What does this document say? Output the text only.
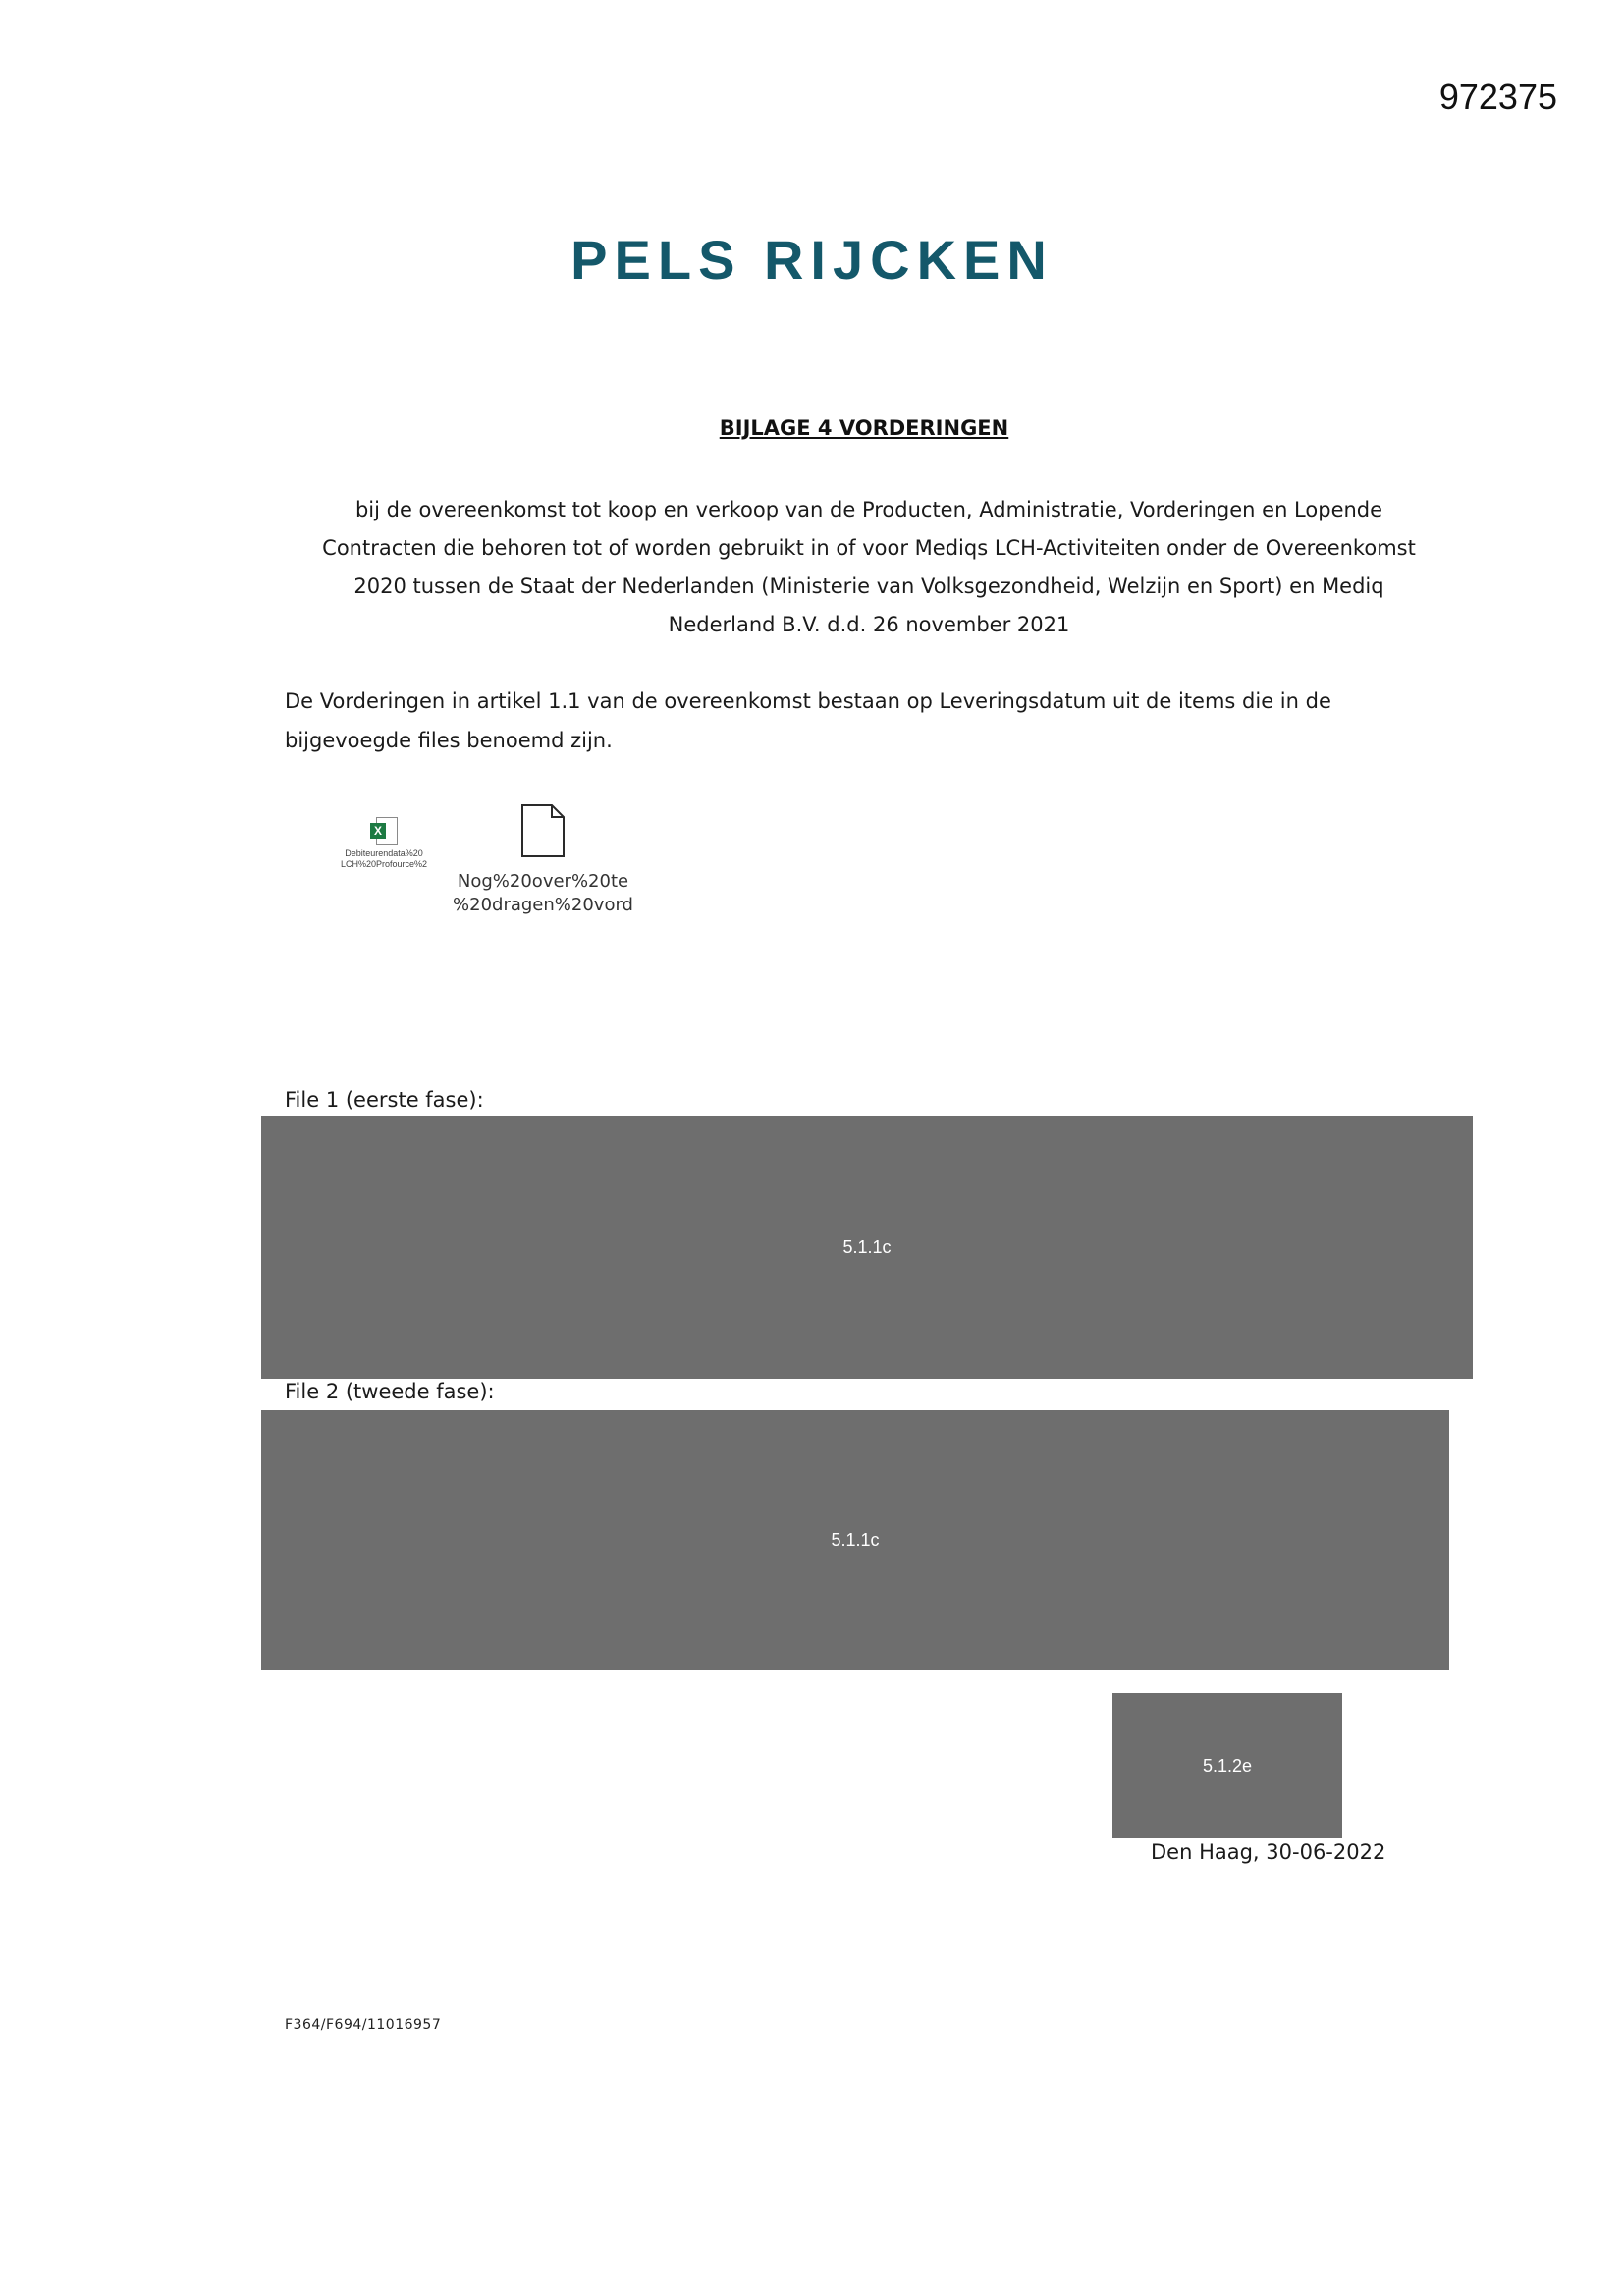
972375
PELS RIJCKEN
BIJLAGE 4 VORDERINGEN
bij de overeenkomst tot koop en verkoop van de Producten, Administratie, Vorderingen en Lopende
Contracten die behoren tot of worden gebruikt in of voor Mediqs LCH-Activiteiten onder de Overeenkomst
2020 tussen de Staat der Nederlanden (Ministerie van Volksgezondheid, Welzijn en Sport) en Mediq
Nederland B.V. d.d. 26 november 2021
De Vorderingen in artikel 1.1 van de overeenkomst bestaan op Leveringsdatum uit de items die in de
bijgevoegde files benoemd zijn.
X
Debiteurendata%20
LCH%20Profource%2
Nog%20over%20te
%20dragen%20vord
File 1 (eerste fase):
5.1.1c
File 2 (tweede fase):
5.1.1c
5.1.2e
Den Haag, 30-06-2022
F364/F694/11016957
